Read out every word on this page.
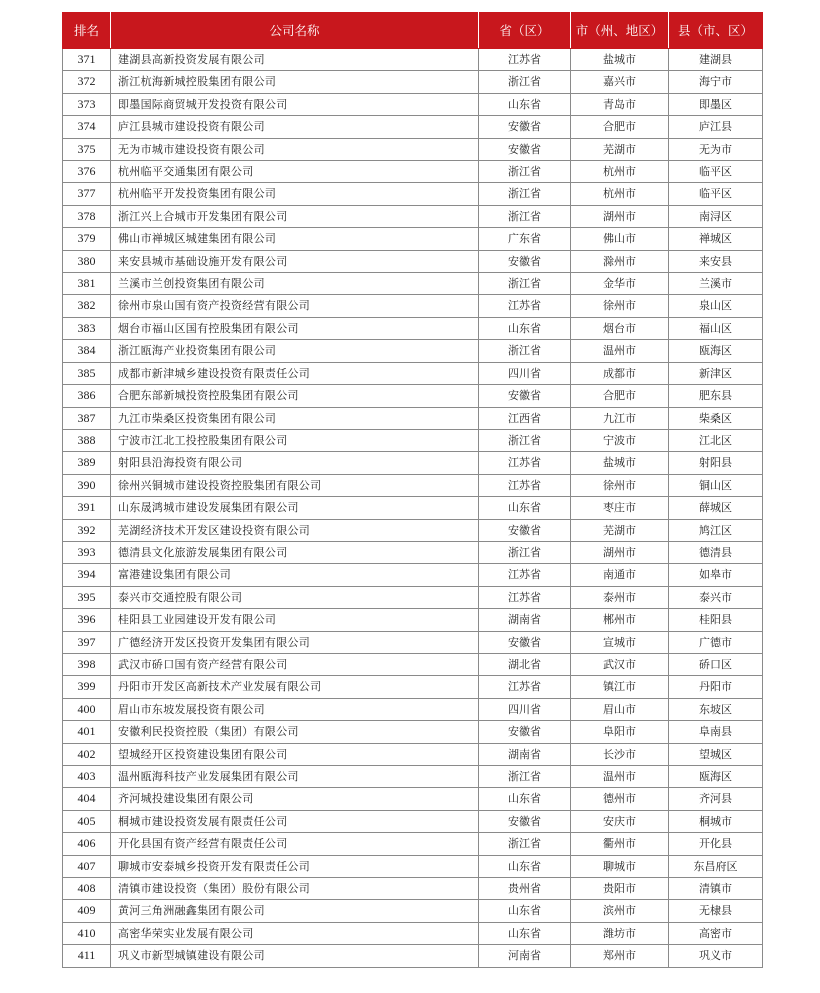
排名	公司名称	省（区）	市（州、地区）	县（市、区）
371	建湖县高新投资发展有限公司	江苏省	盐城市	建湖县
372	浙江杭海新城控股集团有限公司	浙江省	嘉兴市	海宁市
373	即墨国际商贸城开发投资有限公司	山东省	青岛市	即墨区
374	庐江县城市建设投资有限公司	安徽省	合肥市	庐江县
375	无为市城市建设投资有限公司	安徽省	芜湖市	无为市
376	杭州临平交通集团有限公司	浙江省	杭州市	临平区
377	杭州临平开发投资集团有限公司	浙江省	杭州市	临平区
378	浙江兴上合城市开发集团有限公司	浙江省	湖州市	南浔区
379	佛山市禅城区城建集团有限公司	广东省	佛山市	禅城区
380	来安县城市基础设施开发有限公司	安徽省	滁州市	来安县
381	兰溪市兰创投资集团有限公司	浙江省	金华市	兰溪市
382	徐州市泉山国有资产投资经营有限公司	江苏省	徐州市	泉山区
383	烟台市福山区国有控股集团有限公司	山东省	烟台市	福山区
384	浙江瓯海产业投资集团有限公司	浙江省	温州市	瓯海区
385	成都市新津城乡建设投资有限责任公司	四川省	成都市	新津区
386	合肥东部新城投资控股集团有限公司	安徽省	合肥市	肥东县
387	九江市柴桑区投资集团有限公司	江西省	九江市	柴桑区
388	宁波市江北工投控股集团有限公司	浙江省	宁波市	江北区
389	射阳县沿海投资有限公司	江苏省	盐城市	射阳县
390	徐州兴铜城市建设投资控股集团有限公司	江苏省	徐州市	铜山区
391	山东晟鸿城市建设发展集团有限公司	山东省	枣庄市	薛城区
392	芜湖经济技术开发区建设投资有限公司	安徽省	芜湖市	鸠江区
393	德清县文化旅游发展集团有限公司	浙江省	湖州市	德清县
394	富港建设集团有限公司	江苏省	南通市	如皋市
395	泰兴市交通控股有限公司	江苏省	泰州市	泰兴市
396	桂阳县工业园建设开发有限公司	湖南省	郴州市	桂阳县
397	广德经济开发区投资开发集团有限公司	安徽省	宣城市	广德市
398	武汉市硚口国有资产经营有限公司	湖北省	武汉市	硚口区
399	丹阳市开发区高新技术产业发展有限公司	江苏省	镇江市	丹阳市
400	眉山市东坡发展投资有限公司	四川省	眉山市	东坡区
401	安徽利民投资控股（集团）有限公司	安徽省	阜阳市	阜南县
402	望城经开区投资建设集团有限公司	湖南省	长沙市	望城区
403	温州瓯海科技产业发展集团有限公司	浙江省	温州市	瓯海区
404	齐河城投建设集团有限公司	山东省	德州市	齐河县
405	桐城市建设投资发展有限责任公司	安徽省	安庆市	桐城市
406	开化县国有资产经营有限责任公司	浙江省	衢州市	开化县
407	聊城市安泰城乡投资开发有限责任公司	山东省	聊城市	东昌府区
408	清镇市建设投资（集团）股份有限公司	贵州省	贵阳市	清镇市
409	黄河三角洲融鑫集团有限公司	山东省	滨州市	无棣县
410	高密华荣实业发展有限公司	山东省	潍坊市	高密市
411	巩义市新型城镇建设有限公司	河南省	郑州市	巩义市
